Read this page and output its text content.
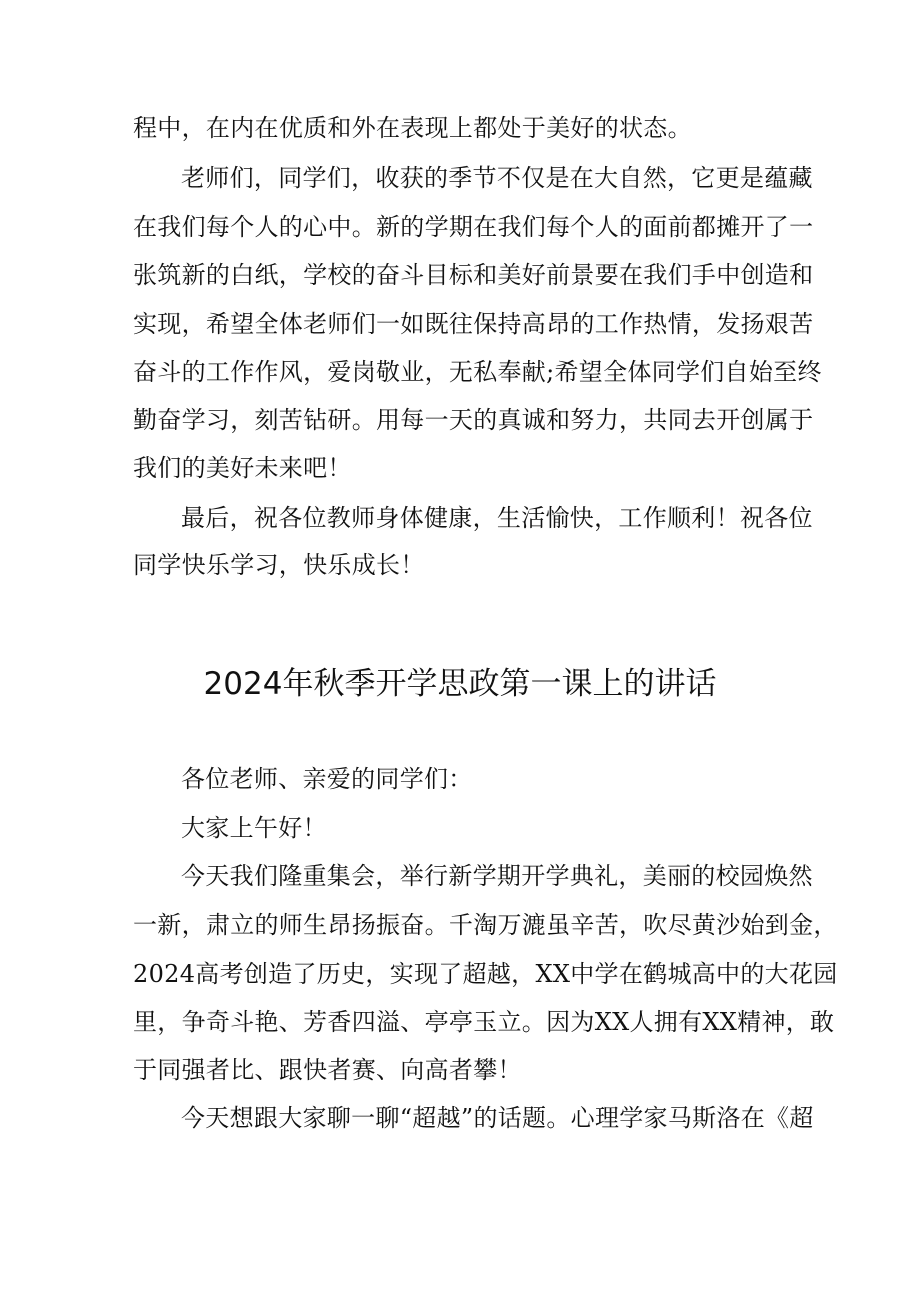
程中，在内在优质和外在表现上都处于美好的状态。
老师们，同学们，收获的季节不仅是在大自然，它更是蕴藏
在我们每个人的心中。新的学期在我们每个人的面前都摊开了一
张筑新的白纸，学校的奋斗目标和美好前景要在我们手中创造和
实现，希望全体老师们一如既往保持高昂的工作热情，发扬艰苦
奋斗的工作作风，爱岗敬业，无私奉献;希望全体同学们自始至终
勤奋学习，刻苦钻研。用每一天的真诚和努力，共同去开创属于
我们的美好未来吧！
最后，祝各位教师身体健康，生活愉快，工作顺利！祝各位
同学快乐学习，快乐成长！
2024年秋季开学思政第一课上的讲话
各位老师、亲爱的同学们：
大家上午好！
今天我们隆重集会，举行新学期开学典礼，美丽的校园焕然
一新，肃立的师生昂扬振奋。千淘万漉虽辛苦，吹尽黄沙始到金，
2024高考创造了历史，实现了超越，XX中学在鹤城高中的大花园
里，争奇斗艳、芳香四溢、亭亭玉立。因为XX人拥有XX精神，敢
于同强者比、跟快者赛、向高者攀！
今天想跟大家聊一聊“超越”的话题。心理学家马斯洛在《超
